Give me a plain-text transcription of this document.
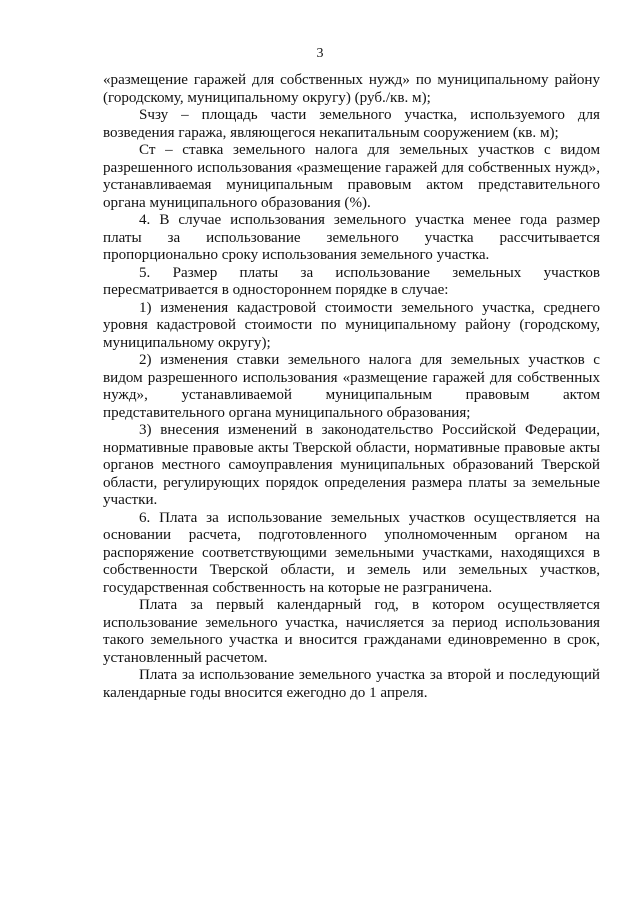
3

«размещение гаражей для собственных нужд» по муниципальному району (городскому, муниципальному округу) (руб./кв. м);

Sчзу – площадь части земельного участка, используемого для возведения гаража, являющегося некапитальным сооружением (кв. м);

Ст – ставка земельного налога для земельных участков с видом разрешенного использования «размещение гаражей для собственных нужд», устанавливаемая муниципальным правовым актом представительного органа муниципального образования (%).

4. В случае использования земельного участка менее года размер платы за использование земельного участка рассчитывается пропорционально сроку использования земельного участка.

5. Размер платы за использование земельных участков пересматривается в одностороннем порядке в случае:

1) изменения кадастровой стоимости земельного участка, среднего уровня кадастровой стоимости по муниципальному району (городскому, муниципальному округу);

2) изменения ставки земельного налога для земельных участков с видом разрешенного использования «размещение гаражей для собственных нужд», устанавливаемой муниципальным правовым актом представительного органа муниципального образования;

3) внесения изменений в законодательство Российской Федерации, нормативные правовые акты Тверской области, нормативные правовые акты органов местного самоуправления муниципальных образований Тверской области, регулирующих порядок определения размера платы за земельные участки.

6. Плата за использование земельных участков осуществляется на основании расчета, подготовленного уполномоченным органом на распоряжение соответствующими земельными участками, находящихся в собственности Тверской области, и земель или земельных участков, государственная собственность на которые не разграничена.

Плата за первый календарный год, в котором осуществляется использование земельного участка, начисляется за период использования такого земельного участка и вносится гражданами единовременно в срок, установленный расчетом.

Плата за использование земельного участка за второй и последующий календарные годы вносится ежегодно до 1 апреля.
